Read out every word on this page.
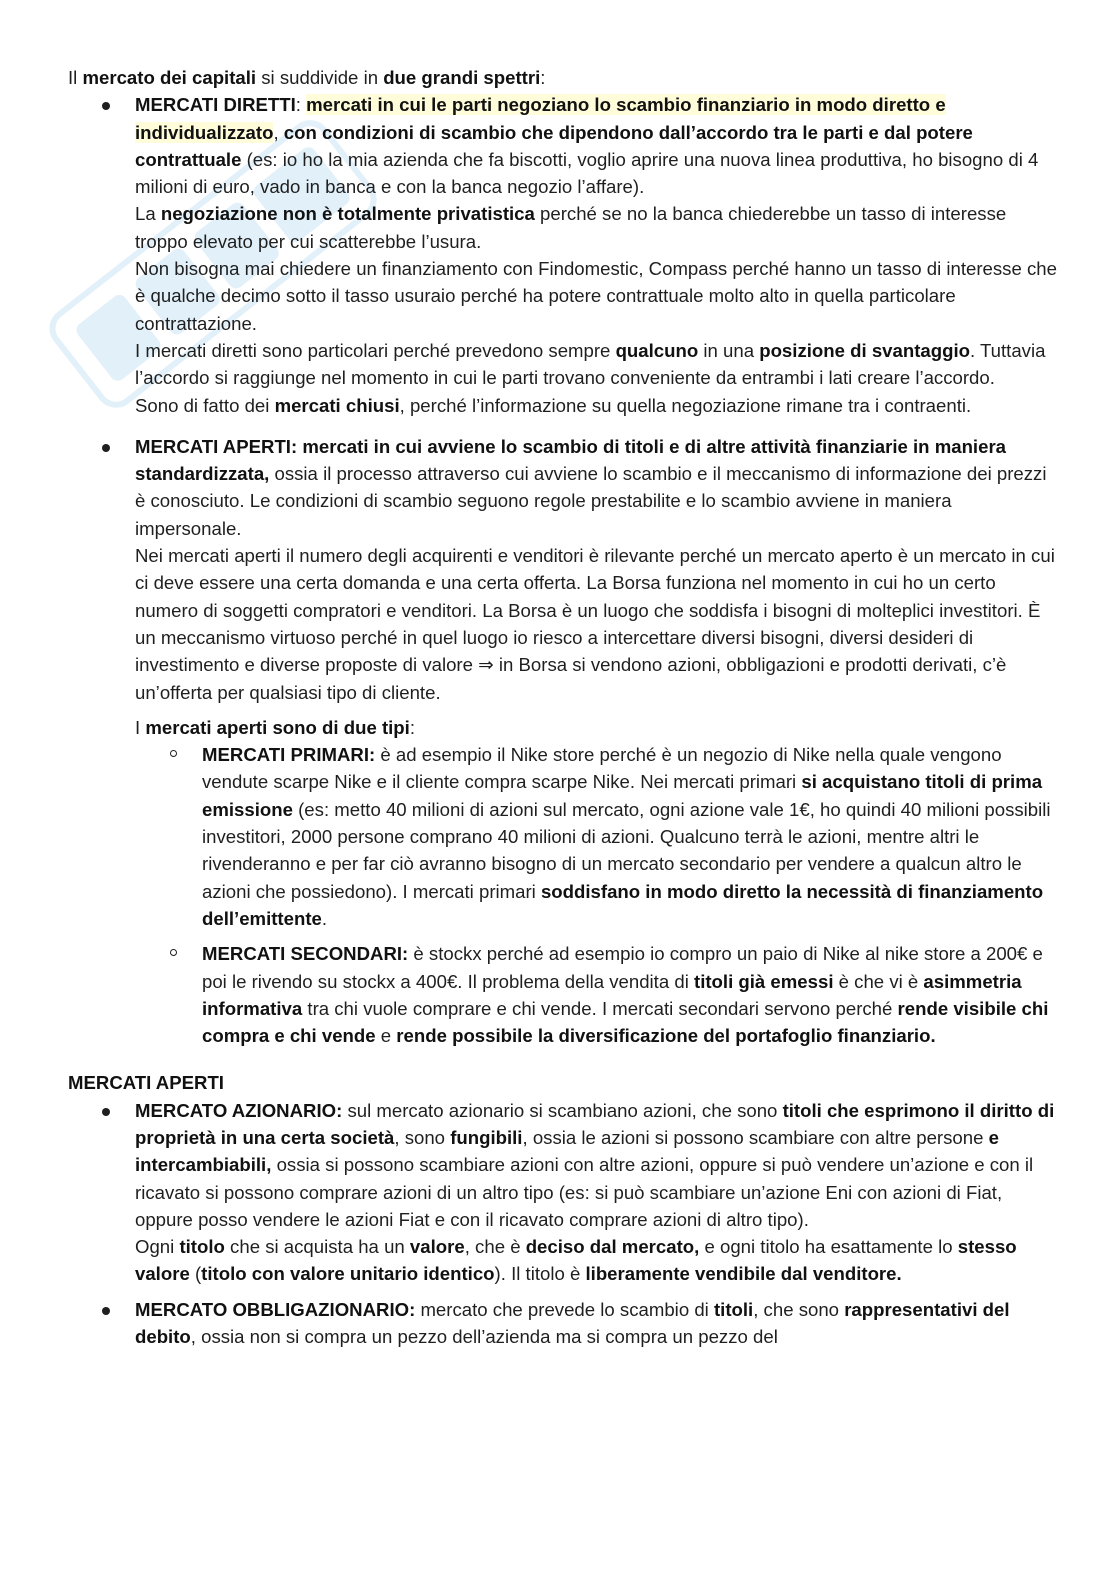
Il mercato dei capitali si suddivide in due grandi spettri:

MERCATI DIRETTI: mercati in cui le parti negoziano lo scambio finanziario in modo diretto e individualizzato, con condizioni di scambio che dipendono dall’accordo tra le parti e dal potere contrattuale (es: io ho la mia azienda che fa biscotti, voglio aprire una nuova linea produttiva, ho bisogno di 4 milioni di euro, vado in banca e con la banca negozio l’affare).

La negoziazione non è totalmente privatistica perché se no la banca chiederebbe un tasso di interesse troppo elevato per cui scatterebbe l’usura.

Non bisogna mai chiedere un finanziamento con Findomestic, Compass perché hanno un tasso di interesse che è qualche decimo sotto il tasso usuraio perché ha potere contrattuale molto alto in quella particolare contrattazione.

I mercati diretti sono particolari perché prevedono sempre qualcuno in una posizione di svantaggio. Tuttavia l’accordo si raggiunge nel momento in cui le parti trovano conveniente da entrambi i lati creare l’accordo.

Sono di fatto dei mercati chiusi, perché l’informazione su quella negoziazione rimane tra i contraenti.

MERCATI APERTI: mercati in cui avviene lo scambio di titoli e di altre attività finanziarie in maniera standardizzata, ossia il processo attraverso cui avviene lo scambio e il meccanismo di informazione dei prezzi è conosciuto. Le condizioni di scambio seguono regole prestabilite e lo scambio avviene in maniera impersonale.

Nei mercati aperti il numero degli acquirenti e venditori è rilevante perché un mercato aperto è un mercato in cui ci deve essere una certa domanda e una certa offerta. La Borsa funziona nel momento in cui ho un certo numero di soggetti compratori e venditori. La Borsa è un luogo che soddisfa i bisogni di molteplici investitori. È un meccanismo virtuoso perché in quel luogo io riesco a intercettare diversi bisogni, diversi desideri di investimento e diverse proposte di valore ⇒ in Borsa si vendono azioni, obbligazioni e prodotti derivati, c’è un’offerta per qualsiasi tipo di cliente.

I mercati aperti sono di due tipi:

MERCATI PRIMARI: è ad esempio il Nike store perché è un negozio di Nike nella quale vengono vendute scarpe Nike e il cliente compra scarpe Nike. Nei mercati primari si acquistano titoli di prima emissione (es: metto 40 milioni di azioni sul mercato, ogni azione vale 1€, ho quindi 40 milioni possibili investitori, 2000 persone comprano 40 milioni di azioni. Qualcuno terrà le azioni, mentre altri le rivenderanno e per far ciò avranno bisogno di un mercato secondario per vendere a qualcun altro le azioni che possiedono). I mercati primari soddisfano in modo diretto la necessità di finanziamento dell’emittente.

MERCATI SECONDARI: è stockx perché ad esempio io compro un paio di Nike al nike store a 200€ e poi le rivendo su stockx a 400€. Il problema della vendita di titoli già emessi è che vi è asimmetria informativa tra chi vuole comprare e chi vende. I mercati secondari servono perché rende visibile chi compra e chi vende e rende possibile la diversificazione del portafoglio finanziario.

MERCATI APERTI

MERCATO AZIONARIO: sul mercato azionario si scambiano azioni, che sono titoli che esprimono il diritto di proprietà in una certa società, sono fungibili, ossia le azioni si possono scambiare con altre persone e intercambiabili, ossia si possono scambiare azioni con altre azioni, oppure si può vendere un’azione e con il ricavato si possono comprare azioni di un altro tipo (es: si può scambiare un’azione Eni con azioni di Fiat, oppure posso vendere le azioni Fiat e con il ricavato comprare azioni di altro tipo).

Ogni titolo che si acquista ha un valore, che è deciso dal mercato, e ogni titolo ha esattamente lo stesso valore (titolo con valore unitario identico). Il titolo è liberamente vendibile dal venditore.

MERCATO OBBLIGAZIONARIO: mercato che prevede lo scambio di titoli, che sono rappresentativi del debito, ossia non si compra un pezzo dell’azienda ma si compra un pezzo del
